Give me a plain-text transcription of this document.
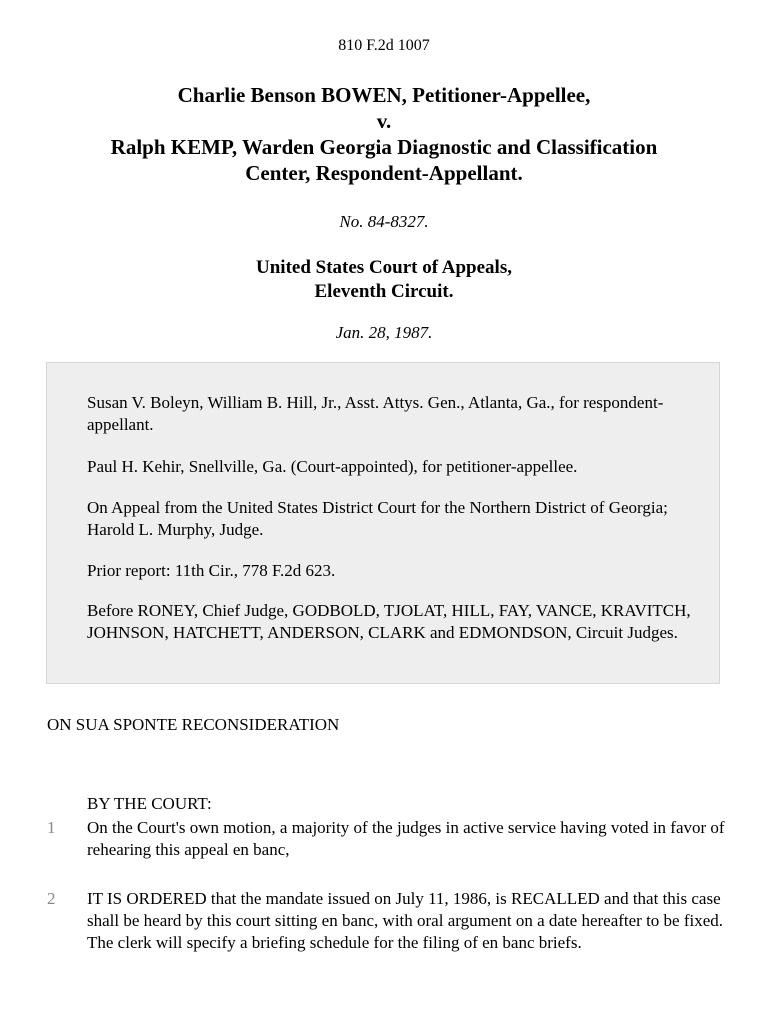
810 F.2d 1007
Charlie Benson BOWEN, Petitioner-Appellee,
v.
Ralph KEMP, Warden Georgia Diagnostic and Classification
Center, Respondent-Appellant.
No. 84-8327.
United States Court of Appeals,
Eleventh Circuit.
Jan. 28, 1987.

Susan V. Boleyn, William B. Hill, Jr., Asst. Attys. Gen., Atlanta, Ga., for respondent-appellant.

Paul H. Kehir, Snellville, Ga. (Court-appointed), for petitioner-appellee.

On Appeal from the United States District Court for the Northern District of Georgia; Harold L. Murphy, Judge.

Prior report: 11th Cir., 778 F.2d 623.

Before RONEY, Chief Judge, GODBOLD, TJOLAT, HILL, FAY, VANCE, KRAVITCH, JOHNSON, HATCHETT, ANDERSON, CLARK and EDMONDSON, Circuit Judges.

ON SUA SPONTE RECONSIDERATION
BY THE COURT:
1 On the Court's own motion, a majority of the judges in active service having voted in favor of rehearing this appeal en banc,
2 IT IS ORDERED that the mandate issued on July 11, 1986, is RECALLED and that this case shall be heard by this court sitting en banc, with oral argument on a date hereafter to be fixed. The clerk will specify a briefing schedule for the filing of en banc briefs.
